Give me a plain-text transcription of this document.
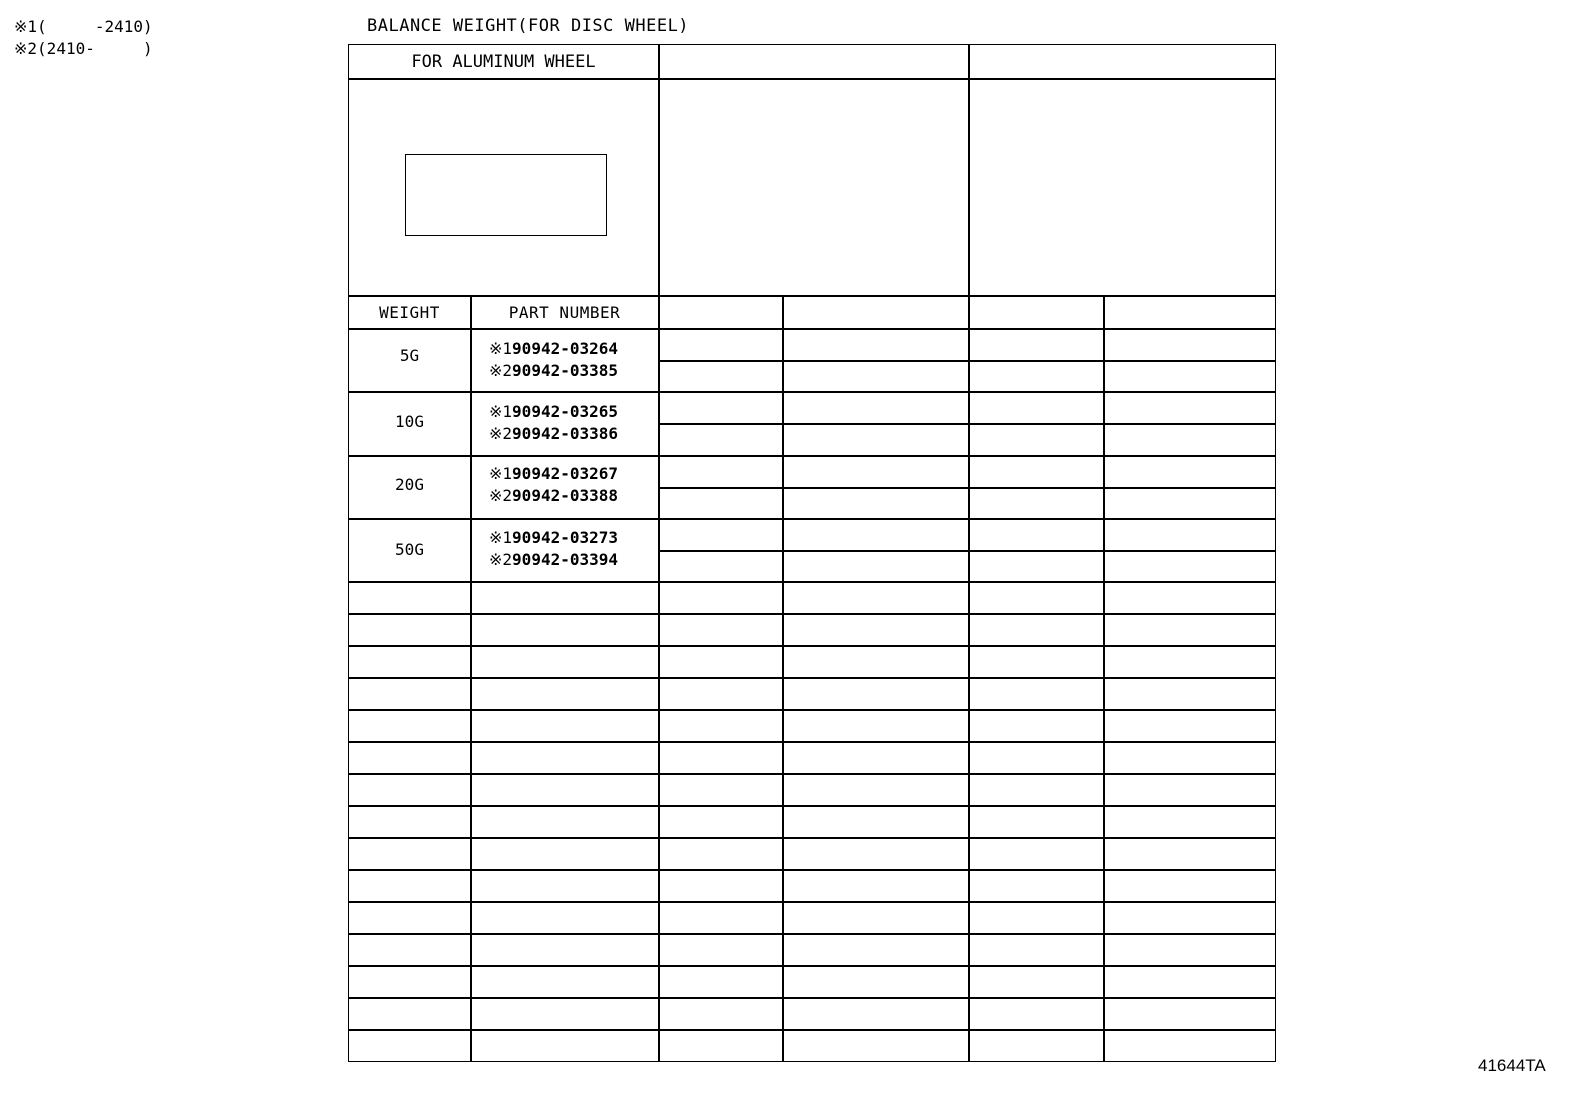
※1(     -2410)
※2(2410-     )
BALANCE WEIGHT(FOR DISC WHEEL)
FOR ALUMINUM WHEEL
WEIGHT	PART NUMBER
5G	※190942-03264
※290942-03385
10G
※190942-03265
※290942-03386
20G
※190942-03267
※290942-03388
50G
※190942-03273
※290942-03394
41644TA
